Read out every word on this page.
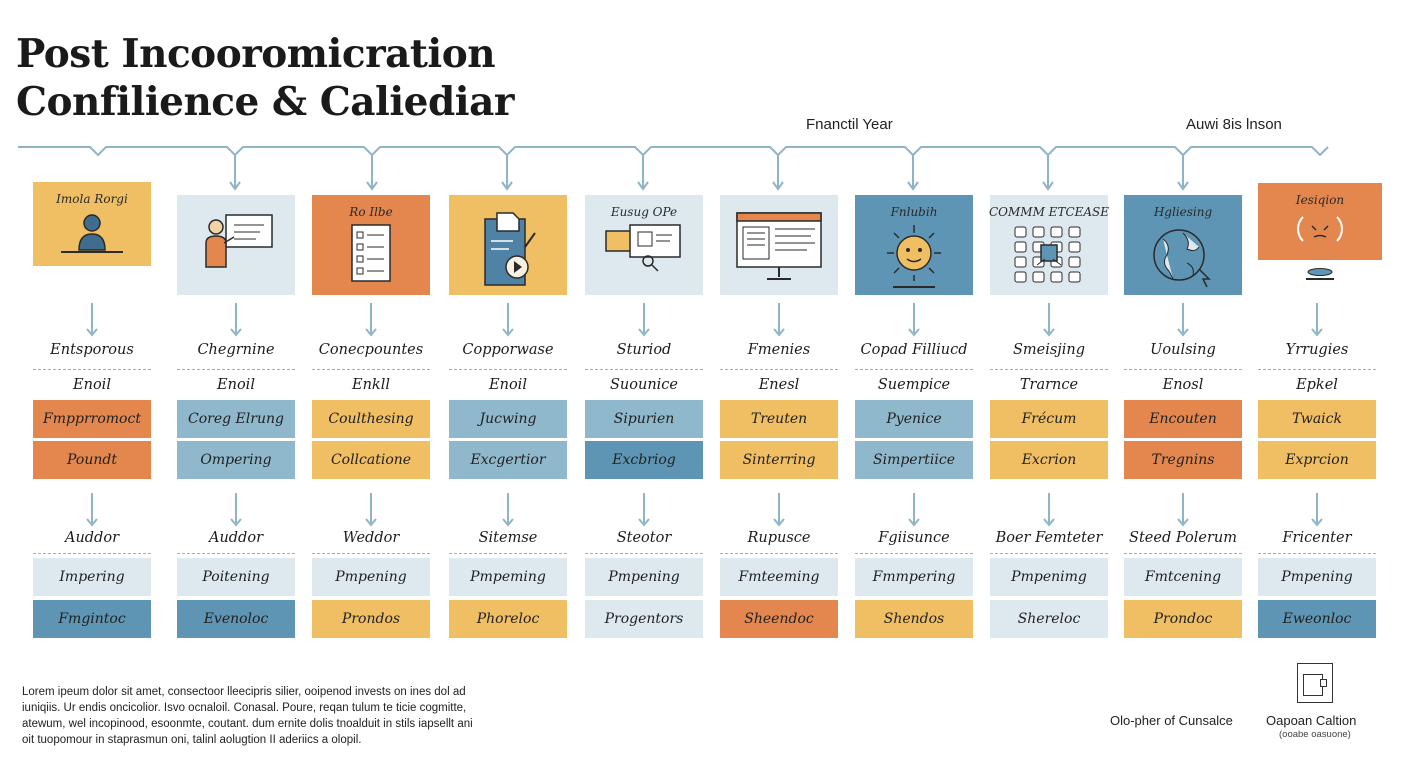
Post Incooromicration
Confilience & Caliediar	Fnanctil Year	Auwi 8is lnson
Imola Rorgi
Entsporous
Enoil
Fmpprromoct
Poundt
Auddor
Impering
Fmgintoc
Chegrnine
Enoil
Coreg Elrung
Ompering
Auddor
Poitening
Evenoloc
Ro Ilbe
Conecpountes
Enkll
Coulthesing
Collcatione
Weddor
Pmpening
Prondos
Copporwase
Enoil
Jucwing
Excgertior
Sitemse
Pmpeming
Phoreloc
Eusug OPe
Sturiod
Suounice
Sipurien
Excbriog
Steotor
Pmpening
Progentors
Fmenies
Enesl
Treuten
Sinterring
Rupusce
Fmteeming
Sheendoc
Fnlubih
Copad Filliucd
Suempice
Pyenice
Simpertiice
Fgiisunce
Fmmpering
Shendos
COMMM ETCEASE
Smeisjing
Trarnce
Frécum
Excrion
Boer Femteter
Pmpenimg
Shereloc
Hgliesing
Uoulsing
Enosl
Encouten
Tregnins
Steed Polerum
Fmtcening
Prondoc
Iesiqion
Yrrugies
Epkel
Twaick
Exprcion
Fricenter
Pmpening
Eweonloc
Lorem ipeum dolor sit amet, consectoor lleecipris silier, ooipenod invests on ines dol ad
iuniqiis. Ur endis oncicolior. Isvo ocnaloil. Conasal. Poure, reqan tulum te ticie cogmitte,
atewum, wel incopinood, esoonmte, coutant. dum ernite dolis tnoalduit in stils iapsellt ani
oit tuopomour in staprasmun oni, talinl aolugtion II aderiics a olopil.
Olo-pher of Cunsalce	Oapoan Caltion
(ooabe oasuone)
